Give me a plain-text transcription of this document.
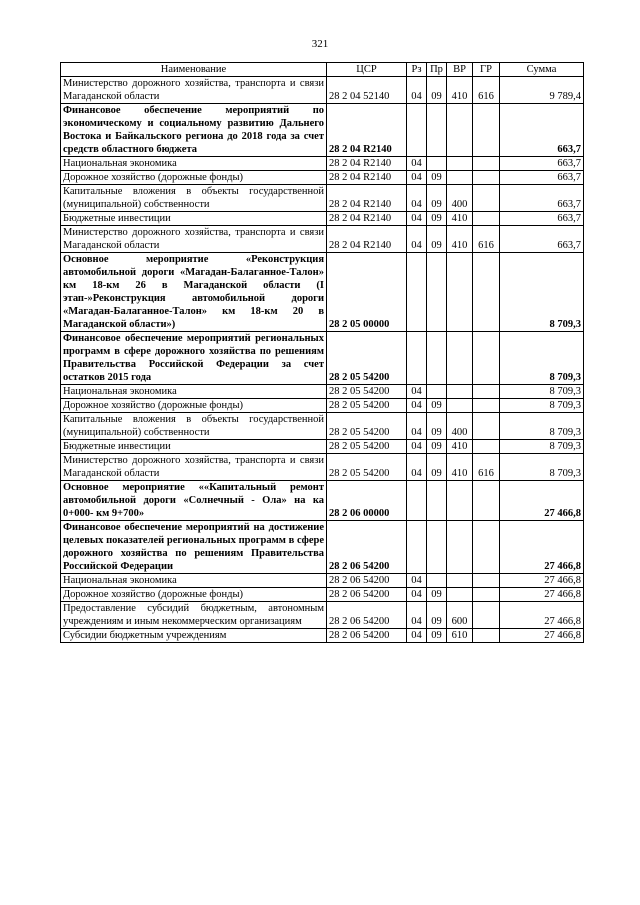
321
Наименование	ЦСР	Рз	Пр	ВР	ГР	Сумма
Министерство дорожного хозяйства, транспорта и связи Магаданской области	28 2 04 52140	04	09	410	616	9 789,4
Финансовое обеспечение мероприятий по экономическому и социальному развитию Дальнего Востока и Байкальского региона до 2018 года за счет средств областного бюджета	28 2 04 R2140					663,7
Национальная экономика	28 2 04 R2140	04				663,7
Дорожное хозяйство (дорожные фонды)	28 2 04 R2140	04	09			663,7
Капитальные вложения в объекты государственной (муниципальной) собственности	28 2 04 R2140	04	09	400		663,7
Бюджетные инвестиции	28 2 04 R2140	04	09	410		663,7
Министерство дорожного хозяйства, транспорта и связи Магаданской области	28 2 04 R2140	04	09	410	616	663,7
Основное мероприятие «Реконструкция автомобильной дороги «Магадан-Балаганное-Талон» км 18-км 26 в Магаданской области (I этап-»Реконструкция автомобильной дороги «Магадан-Балаганное-Талон» км 18-км 20 в Магаданской области»)	28 2 05 00000					8 709,3
Финансовое обеспечение мероприятий региональных программ в сфере дорожного хозяйства по решениям Правительства Российской Федерации за счет остатков 2015 года	28 2 05 54200					8 709,3
Национальная экономика	28 2 05 54200	04				8 709,3
Дорожное хозяйство (дорожные фонды)	28 2 05 54200	04	09			8 709,3
Капитальные вложения в объекты государственной (муниципальной) собственности	28 2 05 54200	04	09	400		8 709,3
Бюджетные инвестиции	28 2 05 54200	04	09	410		8 709,3
Министерство дорожного хозяйства, транспорта и связи Магаданской области	28 2 05 54200	04	09	410	616	8 709,3
Основное мероприятие ««Капитальный ремонт автомобильной дороги «Солнечный - Ола» на ка 0+000- км 9+700»	28 2 06 00000					27 466,8
Финансовое обеспечение мероприятий на достижение целевых показателей региональных программ в сфере дорожного хозяйства по решениям Правительства Российской Федерации	28 2 06 54200					27 466,8
Национальная экономика	28 2 06 54200	04				27 466,8
Дорожное хозяйство (дорожные фонды)	28 2 06 54200	04	09			27 466,8
Предоставление субсидий бюджетным, автономным учреждениям и иным некоммерческим организациям	28 2 06 54200	04	09	600		27 466,8
Субсидии бюджетным учреждениям	28 2 06 54200	04	09	610		27 466,8
